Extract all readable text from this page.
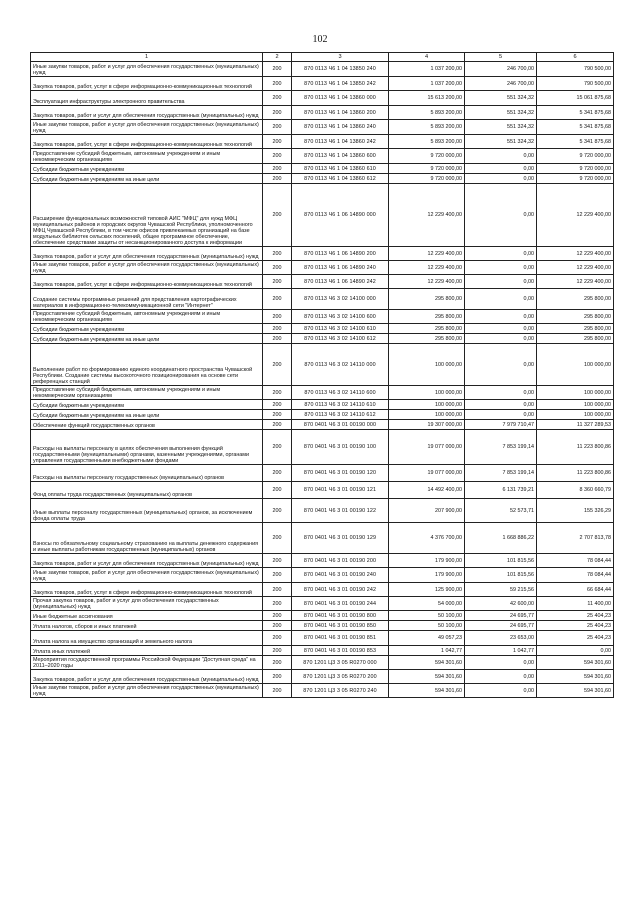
102
1	2	3	4	5	6
Иные закупки товаров, работ и услуг для обеспечения государственных (муниципальных) нужд	200	870 0113 Ч6 1 04 13850 240	1 037 200,00	246 700,00	790 500,00
Закупка товаров, работ, услуг в сфере информационно-коммуникационных технологий	200	870 0113 Ч6 1 04 13850 242	1 037 200,00	246 700,00	790 500,00
Эксплуатация инфраструктуры электронного правительства	200	870 0113 Ч6 1 04 13860 000	15 613 200,00	551 324,32	15 061 875,68
Закупка товаров, работ и услуг для обеспечения государственных (муниципальных) нужд	200	870 0113 Ч6 1 04 13860 200	5 893 200,00	551 324,32	5 341 875,68
Иные закупки товаров, работ и услуг для обеспечения государственных (муниципальных) нужд	200	870 0113 Ч6 1 04 13860 240	5 893 200,00	551 324,32	5 341 875,68
Закупка товаров, работ, услуг в сфере информационно-коммуникационных технологий	200	870 0113 Ч6 1 04 13860 242	5 893 200,00	551 324,32	5 341 875,68
Предоставление субсидий бюджетным, автономным учреждениям и иным некоммерческим организациям	200	870 0113 Ч6 1 04 13860 600	9 720 000,00	0,00	9 720 000,00
Субсидии бюджетным учреждениям	200	870 0113 Ч6 1 04 13860 610	9 720 000,00	0,00	9 720 000,00
Субсидии бюджетным учреждениям на иные цели	200	870 0113 Ч6 1 04 13860 612	9 720 000,00	0,00	9 720 000,00
Расширение функциональных возможностей типовой АИС "МФЦ" для нужд МФЦ муниципальных районов и городских округов Чувашской Республики, уполномоченного МФЦ Чувашской Республики, в том числе офисов привлекаемых организаций на базе модульных библиотек сельских поселений, общее программное обеспечение, обеспечение средствами защиты от несанкционированного доступа к информации	200	870 0113 Ч6 1 06 14890 000	12 229 400,00	0,00	12 229 400,00
Закупка товаров, работ и услуг для обеспечения государственных (муниципальных) нужд	200	870 0113 Ч6 1 06 14890 200	12 229 400,00	0,00	12 229 400,00
Иные закупки товаров, работ и услуг для обеспечения государственных (муниципальных) нужд	200	870 0113 Ч6 1 06 14890 240	12 229 400,00	0,00	12 229 400,00
Закупка товаров, работ, услуг в сфере информационно-коммуникационных технологий	200	870 0113 Ч6 1 06 14890 242	12 229 400,00	0,00	12 229 400,00
Создание системы программных решений для представления картографических материалов в информационно-телекоммуникационной сети "Интернет"	200	870 0113 Ч6 3 02 14100 000	295 800,00	0,00	295 800,00
Предоставление субсидий бюджетным, автономным учреждениям и иным некоммерческим организациям	200	870 0113 Ч6 3 02 14100 600	295 800,00	0,00	295 800,00
Субсидии бюджетным учреждениям	200	870 0113 Ч6 3 02 14100 610	295 800,00	0,00	295 800,00
Субсидии бюджетным учреждениям на иные цели	200	870 0113 Ч6 3 02 14100 612	295 800,00	0,00	295 800,00
Выполнение работ по формированию единого координатного пространства Чувашской Республики. Создание системы высокоточного позиционирования на основе сети референцных станций	200	870 0113 Ч6 3 02 14110 000	100 000,00	0,00	100 000,00
Предоставление субсидий бюджетным, автономным учреждениям и иным некоммерческим организациям	200	870 0113 Ч6 3 02 14110 600	100 000,00	0,00	100 000,00
Субсидии бюджетным учреждениям	200	870 0113 Ч6 3 02 14110 610	100 000,00	0,00	100 000,00
Субсидии бюджетным учреждениям на иные цели	200	870 0113 Ч6 3 02 14110 612	100 000,00	0,00	100 000,00
Обеспечение функций государственных органов	200	870 0401 Ч6 3 01 00190 000	19 307 000,00	7 979 710,47	11 327 289,53
Расходы на выплаты персоналу в целях обеспечения выполнения функций государственными (муниципальными) органами, казенными учреждениями, органами управления государственными внебюджетными фондами	200	870 0401 Ч6 3 01 00190 100	19 077 000,00	7 853 199,14	11 223 800,86
Расходы на выплаты персоналу государственных (муниципальных) органов	200	870 0401 Ч6 3 01 00190 120	19 077 000,00	7 853 199,14	11 223 800,86
Фонд оплаты труда государственных (муниципальных) органов	200	870 0401 Ч6 3 01 00190 121	14 492 400,00	6 131 739,21	8 360 660,79
Иные выплаты персоналу государственных (муниципальных) органов, за исключением фонда оплаты труда	200	870 0401 Ч6 3 01 00190 122	207 900,00	52 573,71	155 326,29
Взносы по обязательному социальному страхованию на выплаты денежного содержания и иные выплаты работникам государственных (муниципальных) органов	200	870 0401 Ч6 3 01 00190 129	4 376 700,00	1 668 886,22	2 707 813,78
Закупка товаров, работ и услуг для обеспечения государственных (муниципальных) нужд	200	870 0401 Ч6 3 01 00190 200	179 900,00	101 815,56	78 084,44
Иные закупки товаров, работ и услуг для обеспечения государственных (муниципальных) нужд	200	870 0401 Ч6 3 01 00190 240	179 900,00	101 815,56	78 084,44
Закупка товаров, работ, услуг в сфере информационно-коммуникационных технологий	200	870 0401 Ч6 3 01 00190 242	125 900,00	59 215,56	66 684,44
Прочая закупка товаров, работ и услуг для обеспечения государственных (муниципальных) нужд	200	870 0401 Ч6 3 01 00190 244	54 000,00	42 600,00	11 400,00
Иные бюджетные ассигнования	200	870 0401 Ч6 3 01 00190 800	50 100,00	24 695,77	25 404,23
Уплата налогов, сборов и иных платежей	200	870 0401 Ч6 3 01 00190 850	50 100,00	24 695,77	25 404,23
Уплата налога на имущество организаций и земельного налога	200	870 0401 Ч6 3 01 00190 851	49 057,23	23 653,00	25 404,23
Уплата иных платежей	200	870 0401 Ч6 3 01 00190 853	1 042,77	1 042,77	0,00
Мероприятия государственной программы Российской Федерации "Доступная среда" на 2011–2020 годы	200	870 1201 Ц3 3 05 R0270 000	594 301,60	0,00	594 301,60
Закупка товаров, работ и услуг для обеспечения государственных (муниципальных) нужд	200	870 1201 Ц3 3 05 R0270 200	594 301,60	0,00	594 301,60
Иные закупки товаров, работ и услуг для обеспечения государственных (муниципальных) нужд	200	870 1201 Ц3 3 05 R0270 240	594 301,60	0,00	594 301,60
